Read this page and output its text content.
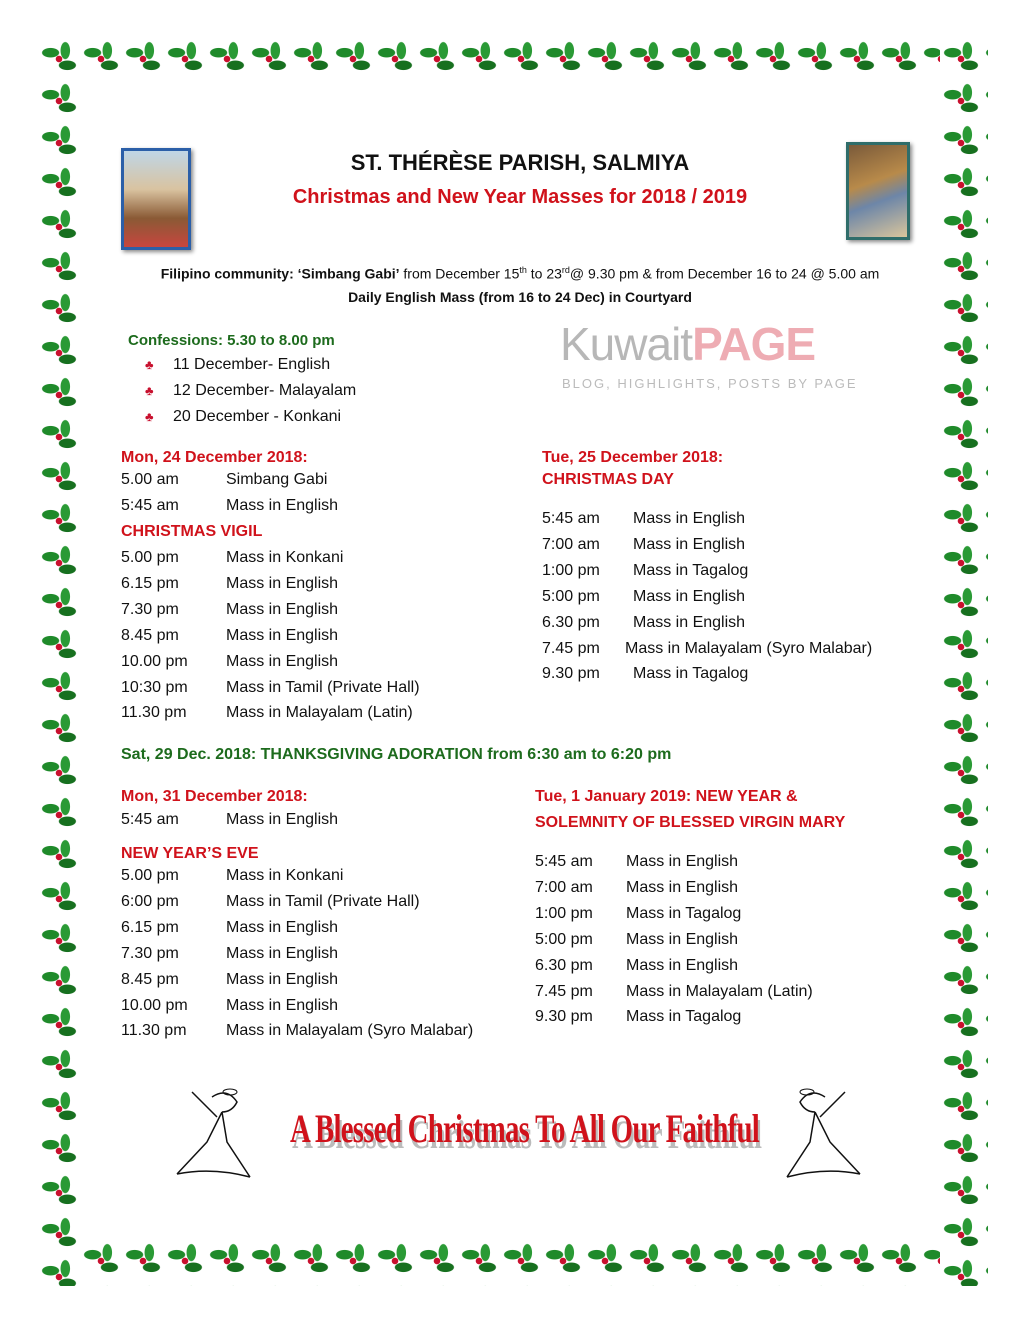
ST. THÉRÈSE PARISH, SALMIYA
Christmas and New Year Masses for 2018 / 2019
KuwaitPAGE
BLOG, HIGHLIGHTS, POSTS BY PAGE
Filipino community: ‘Simbang Gabi’ from December 15th to 23rd@ 9.30 pm & from December 16 to 24 @ 5.00 am
Daily English Mass (from 16 to 24 Dec) in Courtyard
Confessions: 5.30 to 8.00 pm
♣ 11 December- English
♣ 12 December- Malayalam
♣ 20 December - Konkani
Mon, 24 December 2018:
5.00 am	Simbang Gabi
5:45 am	Mass in English
CHRISTMAS VIGIL
5.00 pm	Mass in Konkani
6.15 pm	Mass in English
7.30 pm	Mass in English
8.45 pm	Mass in English
10.00 pm Mass in English
10:30 pm Mass in Tamil (Private Hall)
11.30 pm Mass in Malayalam (Latin)
Tue, 25 December 2018:
CHRISTMAS DAY
5:45 am Mass in English
7:00 am Mass in English
1:00 pm Mass in Tagalog
5:00 pm Mass in English
6.30 pm Mass in English
7.45 pm Mass in Malayalam (Syro Malabar)
9.30 pm Mass in Tagalog
Mon, 31 December 2018:
5:45 am	Mass in English
NEW YEAR’S EVE
5.00 pm	Mass in Konkani
6:00 pm	Mass in Tamil (Private Hall)
6.15 pm	Mass in English
7.30 pm	Mass in English
8.45 pm	Mass in English
10.00 pm Mass in English
11.30 pm Mass in Malayalam (Syro Malabar)
Tue, 1 January 2019: NEW YEAR &
SOLEMNITY OF BLESSED VIRGIN MARY
5:45 am Mass in English
7:00 am Mass in English
1:00 pm Mass in Tagalog
5:00 pm Mass in English
6.30 pm Mass in English
7.45 pm Mass in Malayalam (Latin)
9.30 pm Mass in Tagalog
Sat, 29 Dec. 2018: THANKSGIVING ADORATION from 6:30 am to 6:20 pm
A Blessed Christmas To All Our Faithful
